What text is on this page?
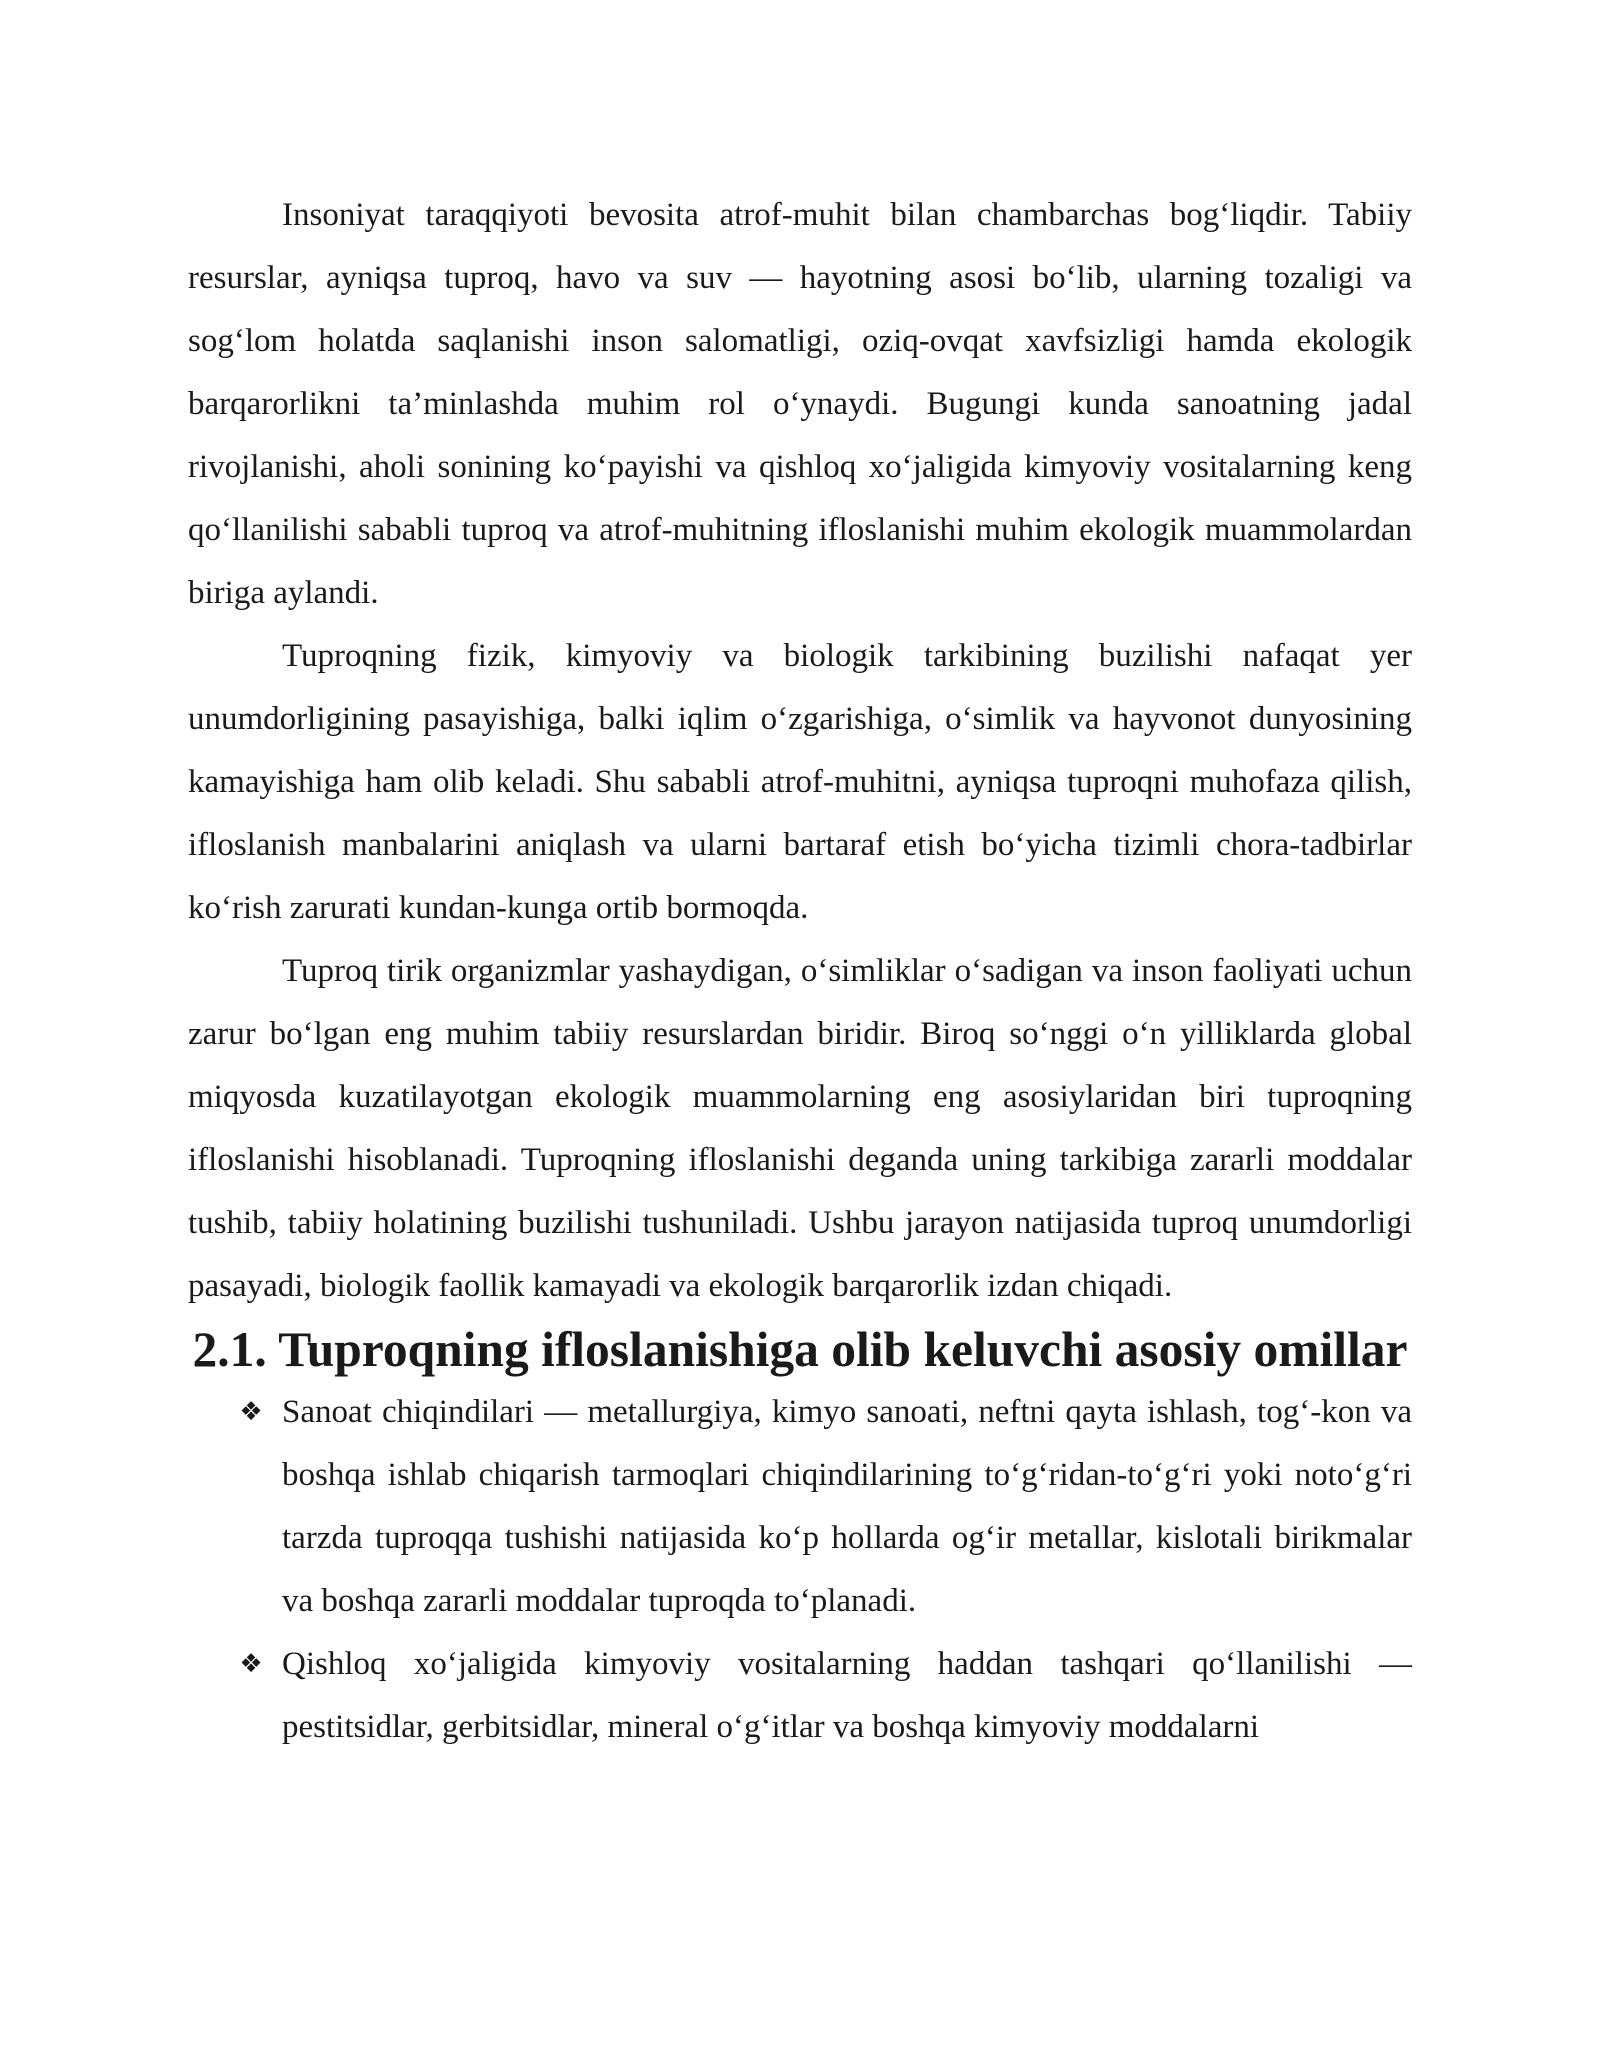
Insoniyat taraqqiyoti bevosita atrof-muhit bilan chambarchas bog‘liqdir. Tabiiy resurslar, ayniqsa tuproq, havo va suv — hayotning asosi bo‘lib, ularning tozaligi va sog‘lom holatda saqlanishi inson salomatligi, oziq-ovqat xavfsizligi hamda ekologik barqarorlikni ta’minlashda muhim rol o‘ynaydi. Bugungi kunda sanoatning jadal rivojlanishi, aholi sonining ko‘payishi va qishloq xo‘jaligida kimyoviy vositalarning keng qo‘llanilishi sababli tuproq va atrof-muhitning ifloslanishi muhim ekologik muammolardan biriga aylandi.

Tuproqning fizik, kimyoviy va biologik tarkibining buzilishi nafaqat yer unumdorligining pasayishiga, balki iqlim o‘zgarishiga, o‘simlik va hayvonot dunyosining kamayishiga ham olib keladi. Shu sababli atrof-muhitni, ayniqsa tuproqni muhofaza qilish, ifloslanish manbalarini aniqlash va ularni bartaraf etish bo‘yicha tizimli chora-tadbirlar ko‘rish zarurati kundan-kunga ortib bormoqda.

Tuproq tirik organizmlar yashaydigan, o‘simliklar o‘sadigan va inson faoliyati uchun zarur bo‘lgan eng muhim tabiiy resurslardan biridir. Biroq so‘nggi o‘n yilliklarda global miqyosda kuzatilayotgan ekologik muammolarning eng asosiylaridan biri tuproqning ifloslanishi hisoblanadi. Tuproqning ifloslanishi deganda uning tarkibiga zararli moddalar tushib, tabiiy holatining buzilishi tushuniladi. Ushbu jarayon natijasida tuproq unumdorligi pasayadi, biologik faollik kamayadi va ekologik barqarorlik izdan chiqadi.

2.1. Tuproqning ifloslanishiga olib keluvchi asosiy omillar
❖ Sanoat chiqindilari — metallurgiya, kimyo sanoati, neftni qayta ishlash, tog‘-kon va boshqa ishlab chiqarish tarmoqlari chiqindilarining to‘g‘ridan-to‘g‘ri yoki noto‘g‘ri tarzda tuproqqa tushishi natijasida ko‘p hollarda og‘ir metallar, kislotali birikmalar va boshqa zararli moddalar tuproqda to‘planadi.
❖ Qishloq xo‘jaligida kimyoviy vositalarning haddan tashqari qo‘llanilishi — pestitsidlar, gerbitsidlar, mineral o‘g‘itlar va boshqa kimyoviy moddalarni
